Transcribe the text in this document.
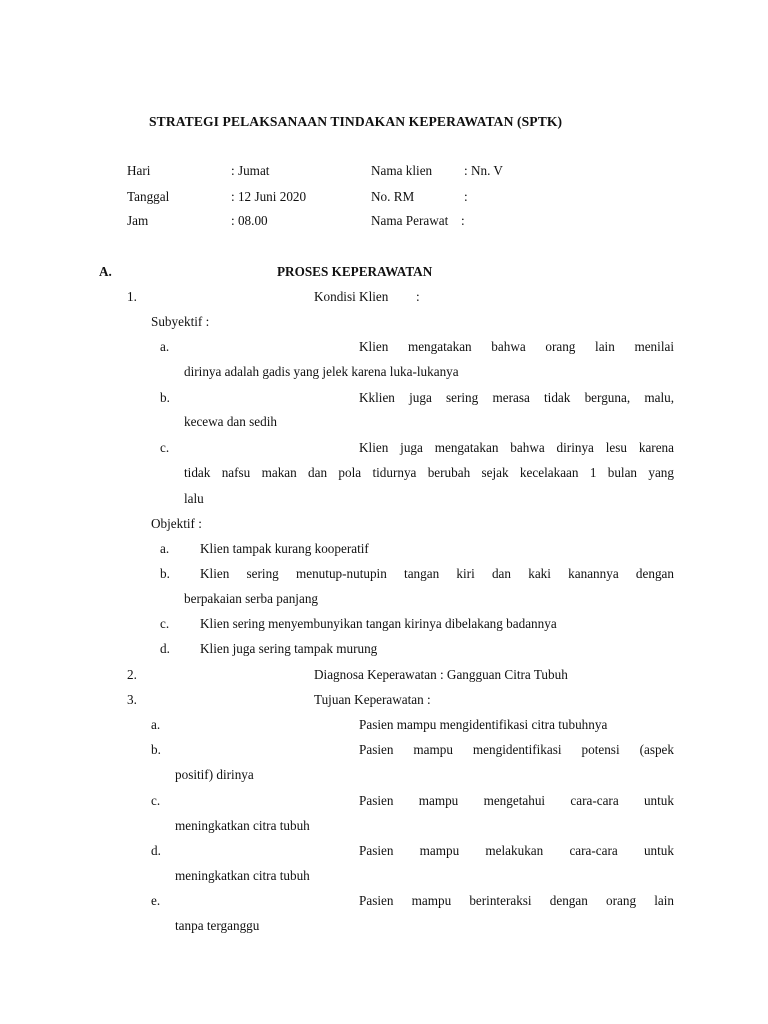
STRATEGI PELAKSANAAN TINDAKAN KEPERAWATAN (SPTK)
Hari	: Jumat	Nama klien : Nn. V
Tanggal	: 12 Juni 2020	No. RM	:
Jam	: 08.00	Nama Perawat :
A.	PROSES KEPERAWATAN
1.	Kondisi Klien :
Subyektif :
a.	Klien mengatakan bahwa orang lain menilai
dirinya adalah gadis yang jelek karena luka-lukanya
b.	Kklien juga sering merasa tidak berguna, malu,
kecewa dan sedih
c.	Klien juga mengatakan bahwa dirinya lesu karena
tidak nafsu makan dan pola tidurnya berubah sejak kecelakaan 1 bulan yang
lalu
Objektif :
a. Klien tampak kurang kooperatif
b. Klien sering menutup-nutupin tangan kiri dan kaki kanannya dengan
berpakaian serba panjang
c. Klien sering menyembunyikan tangan kirinya dibelakang badannya
d. Klien juga sering tampak murung
2.	Diagnosa Keperawatan : Gangguan Citra Tubuh
3.	Tujuan Keperawatan :
a.	Pasien mampu mengidentifikasi citra tubuhnya
b.	Pasien mampu mengidentifikasi potensi (aspek
positif) dirinya
c.	Pasien mampu mengetahui cara-cara untuk
meningkatkan citra tubuh
d.	Pasien mampu melakukan cara-cara untuk
meningkatkan citra tubuh
e.	Pasien mampu berinteraksi dengan orang lain
tanpa terganggu
